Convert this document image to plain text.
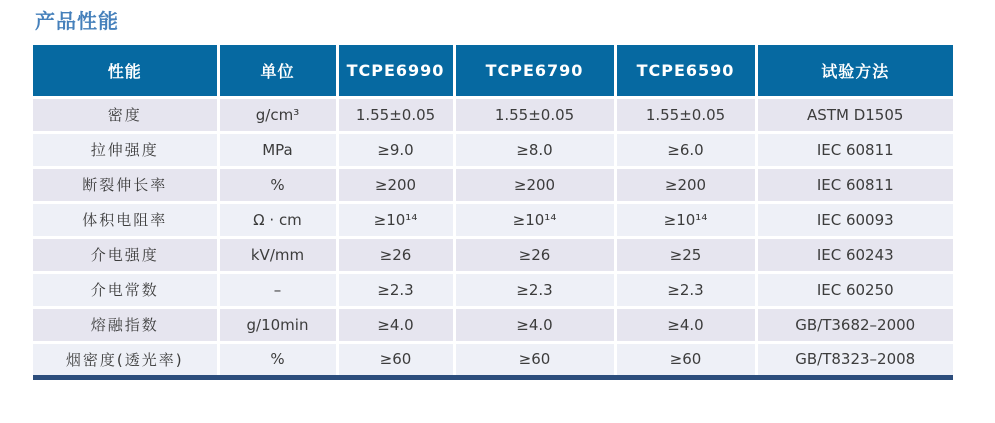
产品性能
性能	单位	TCPE6990	TCPE6790	TCPE6590	试验方法
密度	g/cm³	1.55±0.05	1.55±0.05	1.55±0.05	ASTM D1505
拉伸强度	MPa	≥9.0	≥8.0	≥6.0	IEC 60811
断裂伸长率	%	≥200	≥200	≥200	IEC 60811
体积电阻率	Ω · cm	≥10¹⁴	≥10¹⁴	≥10¹⁴	IEC 60093
介电强度	kV/mm	≥26	≥26	≥25	IEC 60243
介电常数	–	≥2.3	≥2.3	≥2.3	IEC 60250
熔融指数	g/10min	≥4.0	≥4.0	≥4.0	GB/T3682–2000
烟密度(透光率)	%	≥60	≥60	≥60	GB/T8323–2008
